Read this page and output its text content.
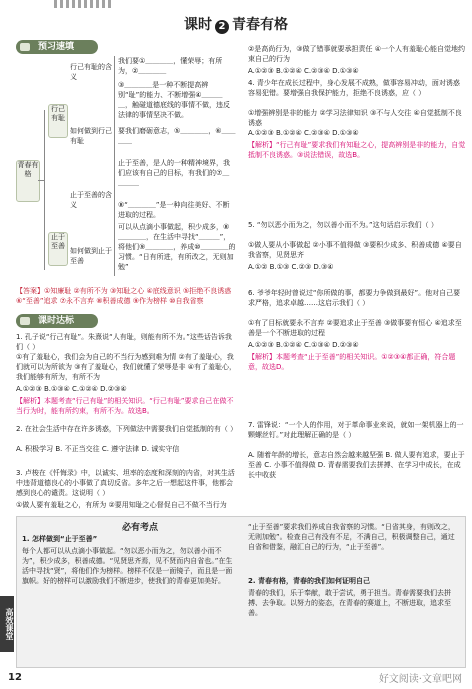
课时 2 青春有格
预习速填
青春有格
行己有耻
止于至善
行己有耻的含义
如何做到行己有耻
止于至善的含义
如何做到止于至善
我们要①＿＿＿＿，懂荣辱；有所为，②＿＿＿＿
③＿＿＿＿是一种不断提高辨别“耻”的能力、不断增强④＿＿＿＿，触碰道德底线的事情不做，违反法律的事情坚决不做。
要我们磨砺意志，⑤＿＿＿＿，⑥＿＿＿＿
止于至善，是人的一种精神境界，我们应该有自己的目标，有我们的⑦＿＿＿＿
⑧“＿＿＿＿”是一种向往美好、不断进取的过程。
可以从点滴小事做起，积少成多，⑧＿＿＿＿，在生活中寻找“＿＿＿”，将他们⑨＿＿＿＿，养成⑩＿＿＿＿的习惯。“日有所进，有所改之，无则加勉”
【答案】①知廉耻 ②有所不为 ③知耻之心 ④底线意识 ⑤拒绝不良诱惑 ⑥“至善”追求 ⑦永不言弃 ⑧积善成德 ⑨作为榜样 ⑩自我省察
课时达标
1. 孔子说“行己有耻”。朱熹说“人有耻，则能有所不为。”这些话告诉我们（ ）
①有了羞耻心，我们会为自己的不当行为感到难为情 ②有了羞耻心，我们就可以为所欲为 ③有了羞耻心，我们就懂了荣辱是非 ④有了羞耻心，我们能够有所为，有所不为
A.①②③ B.①③④ C.①②④ D.②③④
【解析】本题考查“行己有耻”的相关知识。“行己有耻”要求自己在做不当行为时，能有所约束，有所不为。故选B。
2. 在社会生活中存在许多诱惑，下列做法中需要我们自觉抵制的有（ ）
A. 积极学习 B. 不正当交往 C. 遵守法律 D. 诚实守信
3. 卢梭在《忏悔录》中，以诚实、坦率的态度和深刻的内省，对其生活中违背道德良心的小事做了真切反省。多年之后一想起这件事，他都会感到良心的谴责。这说明（ ）
①做人要有羞耻之心，有所为 ②要用知耻之心督促自己不做不当行为
②是高尚行为，③做了错事就要承担责任 ④一个人有羞耻心能自觉地约束自己的行为
A.①②③ B.①②④ C.②③④ D.①③④
4. 青少年在成长过程中，身心发展不成熟，做事容易冲动，面对诱惑容易犯错。要增强自我保护能力，拒绝不良诱惑，应（ ）
①增强辨别是非的能力 ②学习法律知识 ③不与人交往 ④自觉抵制不良诱惑
A.①②③ B.①②④ C.②③④ D.①③④
【解析】“行己有耻”要求我们有知耻之心，提高辨别是非的能力，自觉抵制不良诱惑。③说法错误，故选B。
5. “勿以恶小而为之，勿以善小而不为。”这句话启示我们（ ）
①做人要从小事做起 ②小事不值得做 ③要积少成多、积善成德 ④要自我省察，见贤思齐
A.①② B.①③ C.②③ D.③④
6. 爷爷年轻时曾说过“你所做的事，都要力争做到最好”。他对自己要求严格，追求卓越……这启示我们（ ）
①有了目标就要永不言弃 ②要追求止于至善 ③做事要有恒心 ④追求至善是一个不断进取的过程
A.①②③ B.①②④ C.①③④ D.②③④
【解析】本题考查“止于至善”的相关知识。①②③④都正确，符合题意，故选D。
7. 雷锋说：“一个人的作用，对于革命事业来说，就如一架机器上的一颗螺丝钉。”对此理解正确的是（ ）
A. 随着年龄的增长，意志自然会越来越坚强 B. 做人要有追求，要止于至善 C. 小事不值得做 D. 青春需要我们去拼搏、在学习中成长，在成长中收获
必有考点
1. 怎样做到“止于至善”
每个人都可以从点滴小事做起。“勿以恶小而为之，勿以善小而不为”，积少成多，积善成德。“见贤思齐焉，见不贤而内自省也。”在生活中寻找“贤”，将他们作为榜样。榜样不仅是一面镜子，而且是一面旗帜。好的榜样可以激励我们不断进步，使我们的青春更加美好。
“止于至善”要求我们养成自我省察的习惯。“日省其身，有则改之，无则加勉”。检查自己有没有不足，不满自己，积极调整自己，通过自省和借鉴，融汇自己的行为，“止于至善”。
2. 青春有格，青春的我们如何证明自己
青春的我们，乐于奉献，敢于尝试，勇于担当。青春需要我们去拼搏、去争取。以努力的姿态，在青春的赛道上，不断进取，追求至善。
高效课堂
12	好文阅读·文章吧网
